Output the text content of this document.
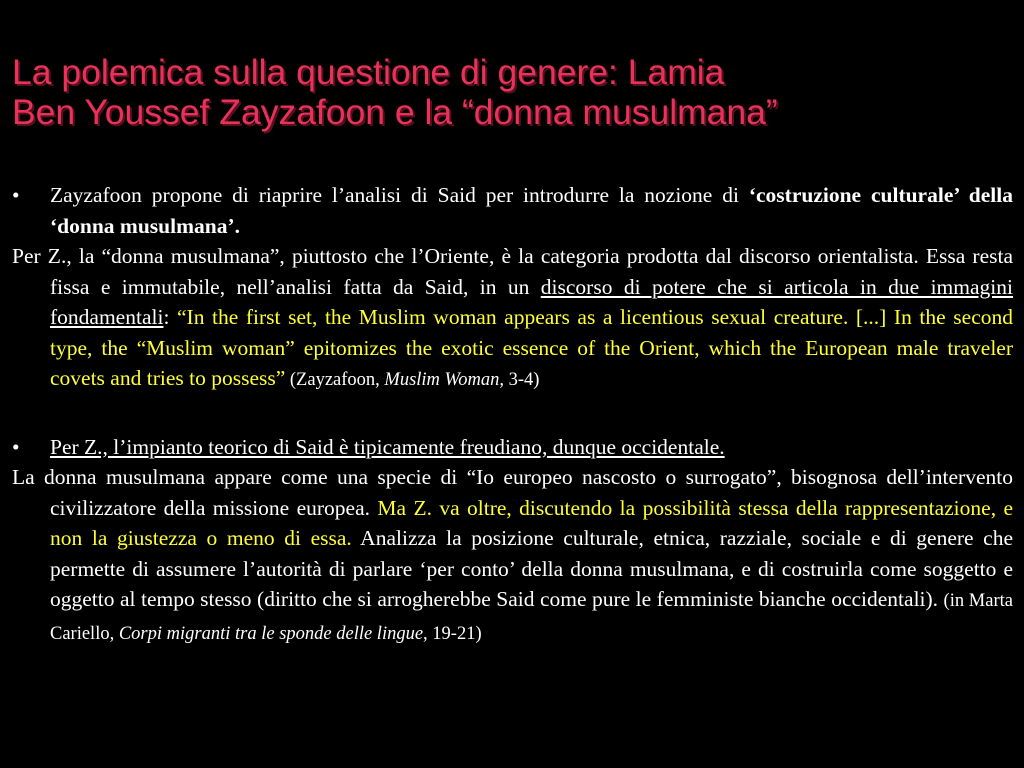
La polemica sulla questione di genere: Lamia
Ben Youssef Zayzafoon e la “donna musulmana”

• Zayzafoon propone di riaprire l’analisi di Said per introdurre la nozione di ‘costruzione culturale’ della ‘donna musulmana’.

Per Z., la “donna musulmana”, piuttosto che l’Oriente, è la categoria prodotta dal discorso orientalista. Essa resta fissa e immutabile, nell’analisi fatta da Said, in un discorso di potere che si articola in due immagini fondamentali: “In the first set, the Muslim woman appears as a licentious sexual creature. [...] In the second type, the “Muslim woman” epitomizes the exotic essence of the Orient, which the European male traveler covets and tries to possess” (Zayzafoon, Muslim Woman, 3-4)

• Per Z., l’impianto teorico di Said è tipicamente freudiano, dunque occidentale.

La donna musulmana appare come una specie di “Io europeo nascosto o surrogato”, bisognosa dell’intervento civilizzatore della missione europea. Ma Z. va oltre, discutendo la possibilità stessa della rappresentazione, e non la giustezza o meno di essa. Analizza la posizione culturale, etnica, razziale, sociale e di genere che permette di assumere l’autorità di parlare ‘per conto’ della donna musulmana, e di costruirla come soggetto e oggetto al tempo stesso (diritto che si arrogherebbe Said come pure le femministe bianche occidentali). (in Marta Cariello, Corpi migranti tra le sponde delle lingue, 19-21)
